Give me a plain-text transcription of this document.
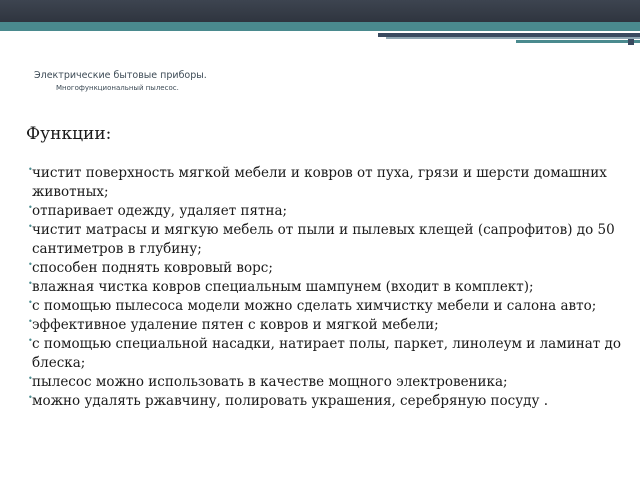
Электрические бытовые приборы.
Многофункциональный пылесос.
Функции:
• чистит поверхность мягкой мебели и ковров от пуха, грязи и шерсти домашних животных;
• отпаривает одежду, удаляет пятна;
• чистит матрасы и мягкую мебель от пыли и пылевых клещей (сапрофитов) до 50 сантиметров в глубину;
• способен поднять ковровый ворс;
• влажная чистка ковров специальным шампунем (входит в комплект);
• с помощью пылесоса модели можно сделать химчистку мебели и салона авто;
• эффективное удаление пятен с ковров и мягкой мебели;
• с помощью специальной насадки, натирает полы, паркет, линолеум и ламинат до блеска;
• пылесос можно использовать в качестве мощного электровеника;
• можно удалять ржавчину, полировать украшения, серебряную посуду .
